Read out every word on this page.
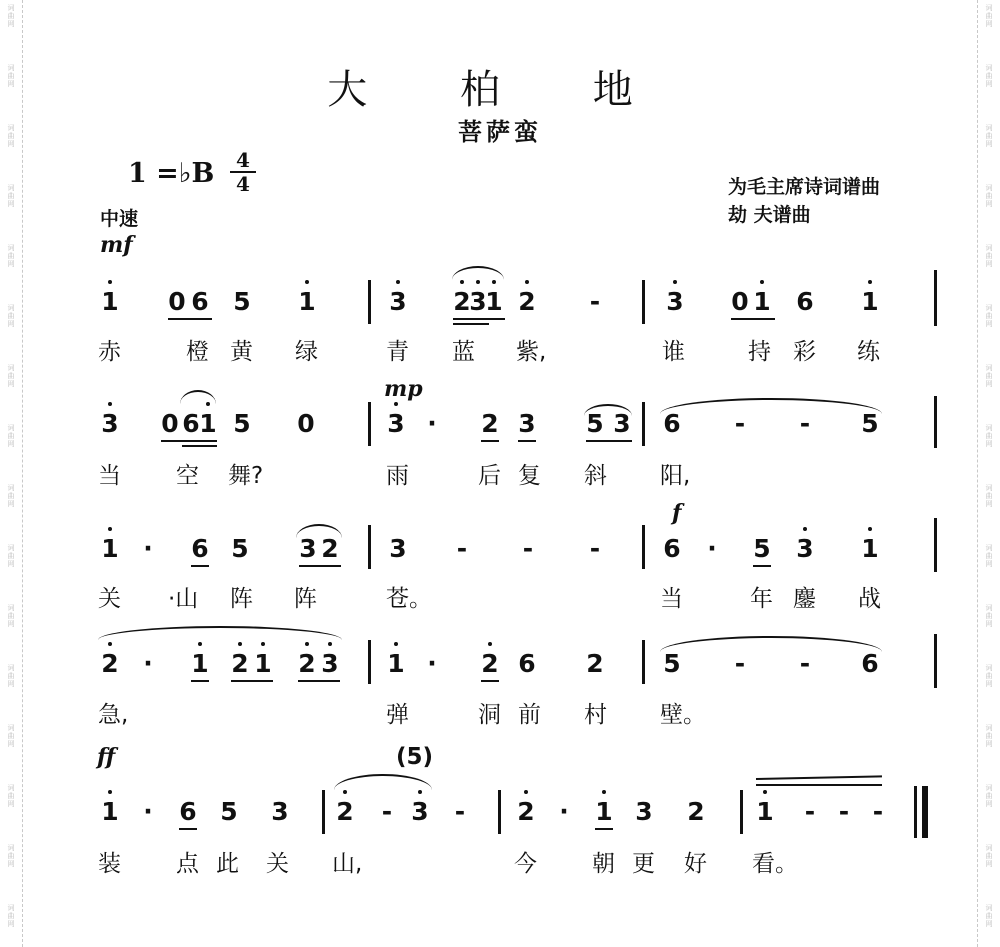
词
曲
网
词
曲
网
词
曲
网
词
曲
网
词
曲
网
词
曲
网
词
曲
网
词
曲
网
词
曲
网
词
曲
网
词
曲
网
词
曲
网
词
曲
网
词
曲
网
词
曲
网
词
曲
网
词
曲
网
词
曲
网
词
曲
网
词
曲
网
词
曲
网
词
曲
网
词
曲
网
词
曲
网
词
曲
网
词
曲
网
词
曲
网
词
曲
网
词
曲
网
词
曲
网
词
曲
网
词
曲
网
大 柏 地
菩萨蛮
1 =♭B	4
4	为毛主席诗词谱曲
劫 夫谱曲
中速
mf
mp
f
ff	(5)
1 0 6 5 1	3 2
3
1 2 -	3 0 1 6 1
赤	橙 黄 绿	青 蓝 紫,	谁	持 彩 练
3 0 6 1 5 0	3 · 2 3 5 3 6 - - 5
当 空 舞?	雨	后 复 斜 阳,
1 · 6 5 3 2 3 - - -	6 · 5 3 1
关 ·山 阵 阵	苍。	当	年 鏖 战
2 · 1 2 1 2 3 1 · 2 6 2 5 - - 6
急,	弹	洞 前 村 壁。
1 · 6 5 3 2 - 3 - 2 · 1 3 2 1 - - -
装 点 此 关 山,	今 朝 更 好 看。
